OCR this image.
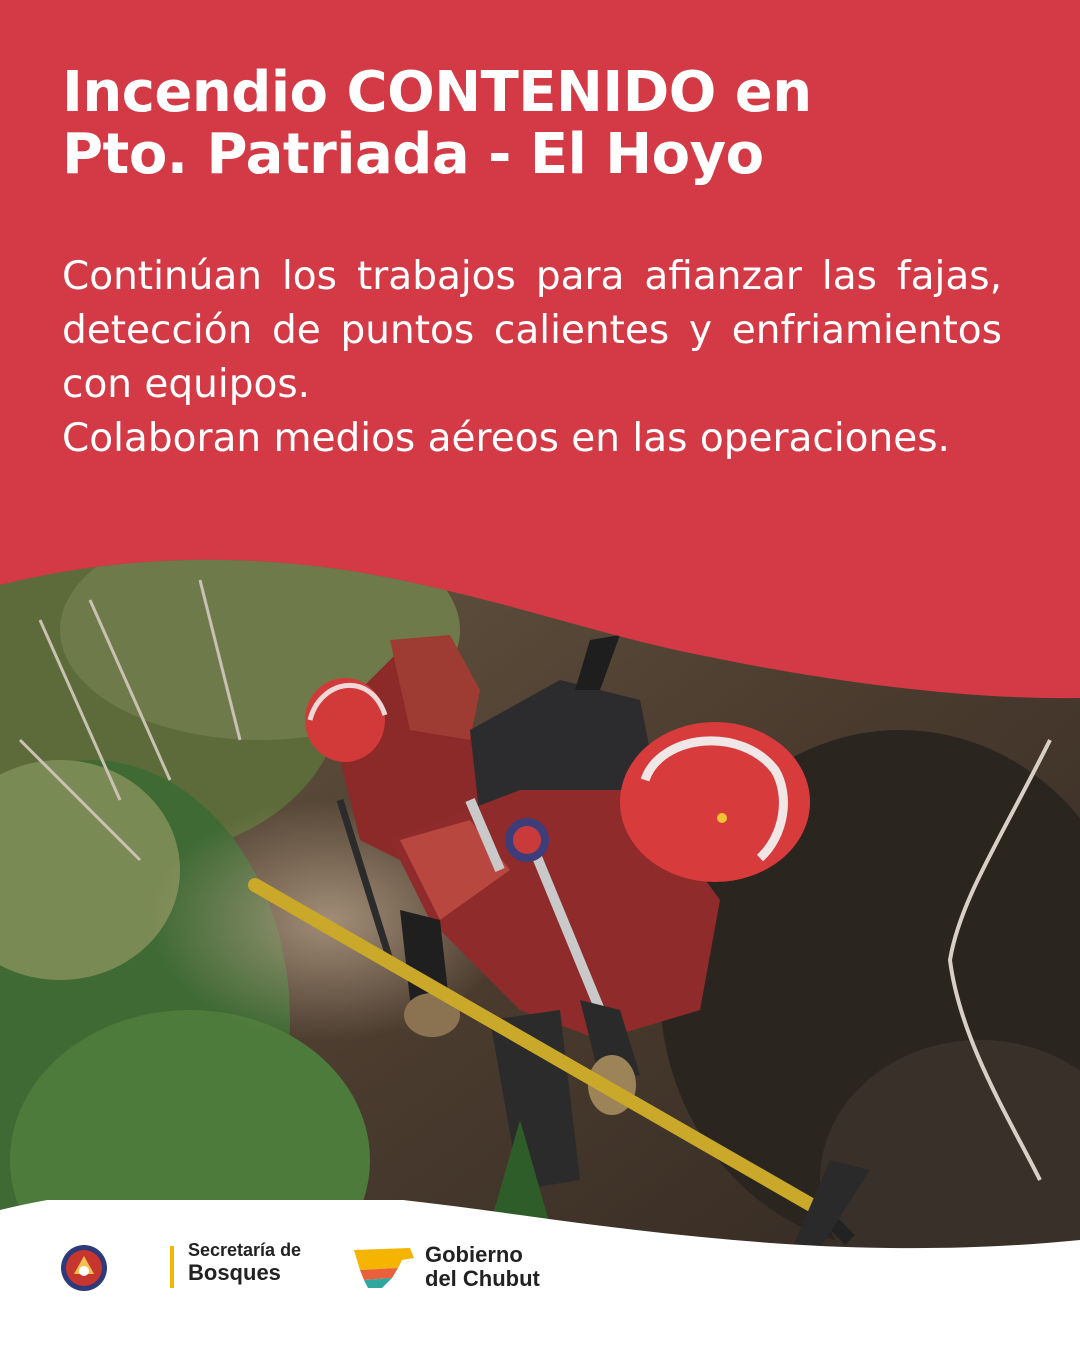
Incendio CONTENIDO en
Pto. Patriada - El Hoyo
Continúan los trabajos para afianzar las fajas, detección de puntos calientes y enfriamientos con equipos.
Colaboran medios aéreos en las operaciones.
Secretaría de
Bosques
Gobierno
del Chubut
